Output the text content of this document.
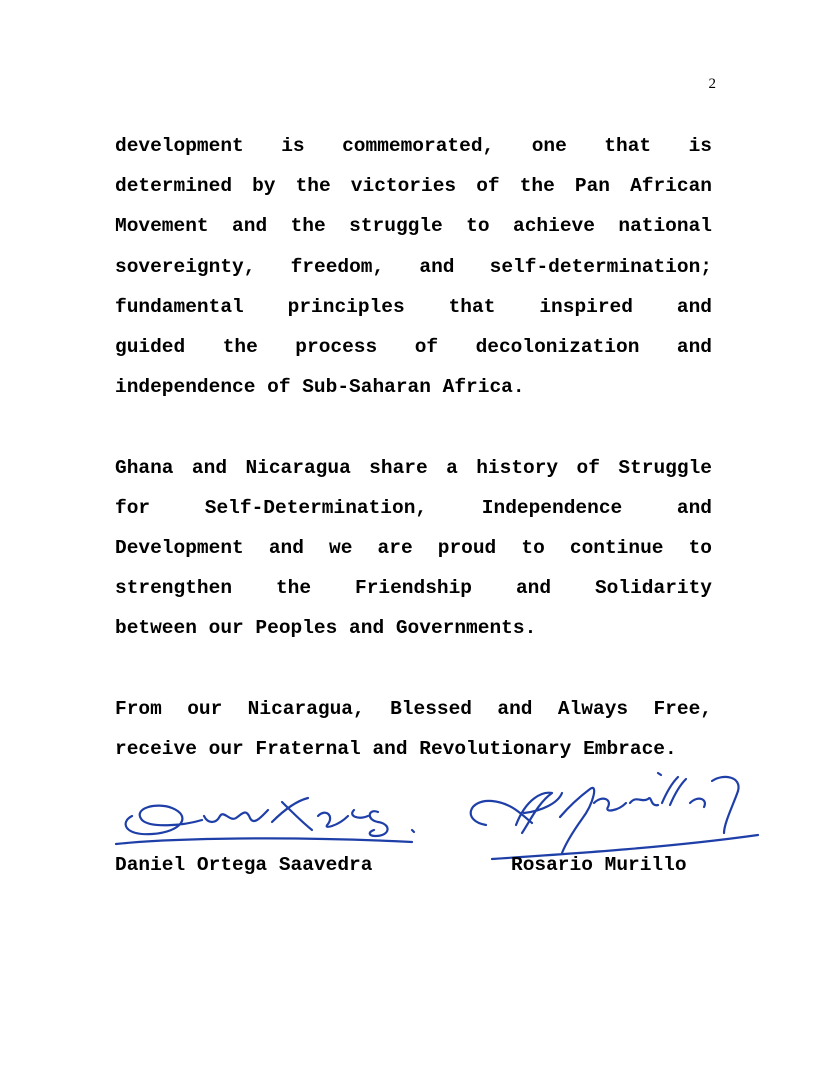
2

development is commemorated, one that is
determined by the victories of the Pan African
Movement and the struggle to achieve national
sovereignty, freedom, and self-determination;
fundamental principles that inspired and
guided the process of decolonization and
independence of Sub-Saharan Africa.

Ghana and Nicaragua share a history of Struggle
for Self-Determination, Independence and
Development and we are proud to continue to
strengthen the Friendship and Solidarity
between our Peoples and Governments.

From our Nicaragua, Blessed and Always Free,
receive our Fraternal and Revolutionary Embrace.

Daniel Ortega Saavedra	Rosario Murillo
